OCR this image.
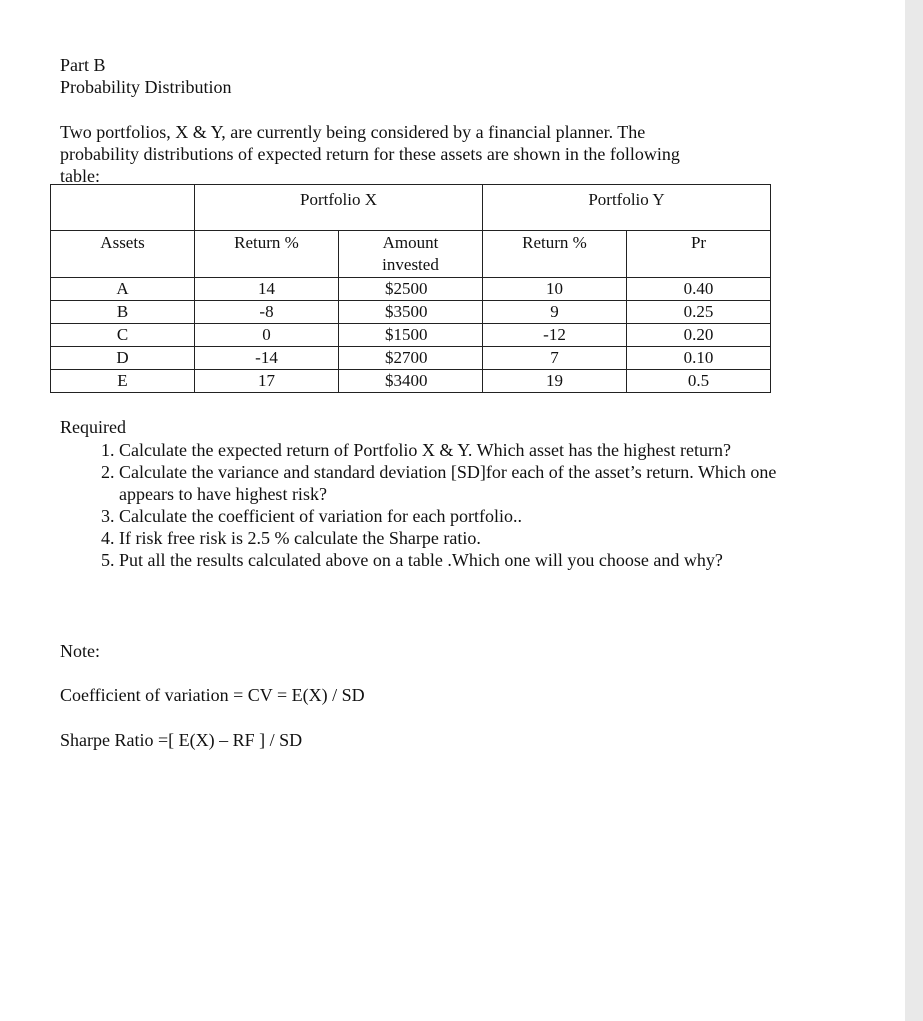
Part B
Probability Distribution
Two portfolios, X & Y, are currently being considered by a financial planner. The
probability distributions of expected return for these assets are shown in the following
table:
	Portfolio X		Portfolio Y	
Assets	Return %	Amount invested	Return %	Pr
A	14	$2500	10	0.40
B	-8	$3500	9	0.25
C	0	$1500	-12	0.20
D	-14	$2700	7	0.10
E	17	$3400	19	0.5
Required
1. Calculate the expected return of Portfolio X & Y. Which asset has the highest return?
2. Calculate the variance and standard deviation [SD]for each of the asset’s return. Which one appears to have highest risk?
3. Calculate the coefficient of variation for each portfolio..
4. If risk free risk is 2.5 % calculate the Sharpe ratio.
5. Put all the results calculated above on a table .Which one will you choose and why?
Note:
Coefficient of variation = CV = E(X) / SD
Sharpe Ratio =[ E(X) – RF ] / SD
